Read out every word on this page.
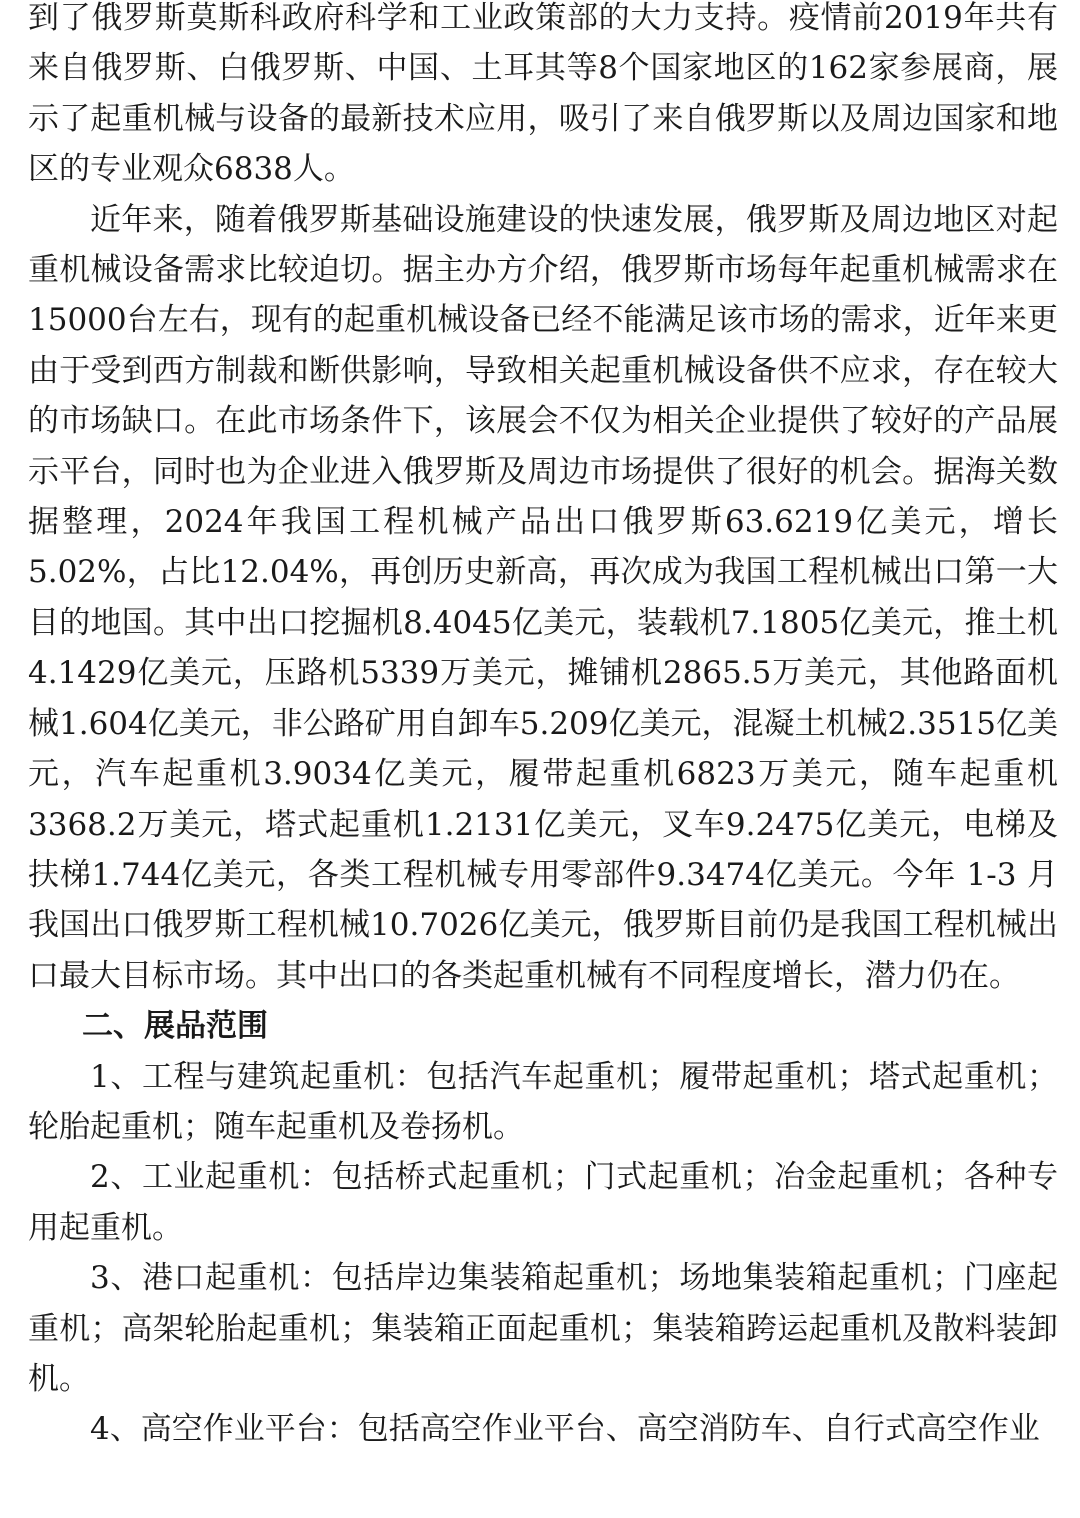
到了俄罗斯莫斯科政府科学和工业政策部的大力支持。疫情前2019年共有来自俄罗斯、白俄罗斯、中国、土耳其等8个国家地区的162家参展商，展示了起重机械与设备的最新技术应用，吸引了来自俄罗斯以及周边国家和地区的专业观众6838人。

近年来，随着俄罗斯基础设施建设的快速发展，俄罗斯及周边地区对起重机械设备需求比较迫切。据主办方介绍，俄罗斯市场每年起重机械需求在15000台左右，现有的起重机械设备已经不能满足该市场的需求，近年来更由于受到西方制裁和断供影响，导致相关起重机械设备供不应求，存在较大的市场缺口。在此市场条件下，该展会不仅为相关企业提供了较好的产品展示平台，同时也为企业进入俄罗斯及周边市场提供了很好的机会。据海关数据整理，2024年我国工程机械产品出口俄罗斯63.6219亿美元，增长5.02%，占比12.04%，再创历史新高，再次成为我国工程机械出口第一大目的地国。其中出口挖掘机8.4045亿美元，装载机7.1805亿美元，推土机4.1429亿美元，压路机5339万美元，摊铺机2865.5万美元，其他路面机械1.604亿美元，非公路矿用自卸车5.209亿美元，混凝土机械2.3515亿美元，汽车起重机3.9034亿美元，履带起重机6823万美元，随车起重机3368.2万美元，塔式起重机1.2131亿美元，叉车9.2475亿美元，电梯及扶梯1.744亿美元，各类工程机械专用零部件9.3474亿美元。今年 1-3 月我国出口俄罗斯工程机械10.7026亿美元，俄罗斯目前仍是我国工程机械出口最大目标市场。其中出口的各类起重机械有不同程度增长，潜力仍在。

二、展品范围

1、工程与建筑起重机：包括汽车起重机；履带起重机；塔式起重机；轮胎起重机；随车起重机及卷扬机。

2、工业起重机：包括桥式起重机；门式起重机；冶金起重机；各种专用起重机。

3、港口起重机：包括岸边集装箱起重机；场地集装箱起重机；门座起重机；高架轮胎起重机；集装箱正面起重机；集装箱跨运起重机及散料装卸机。

4、高空作业平台：包括高空作业平台、高空消防车、自行式高空作业
